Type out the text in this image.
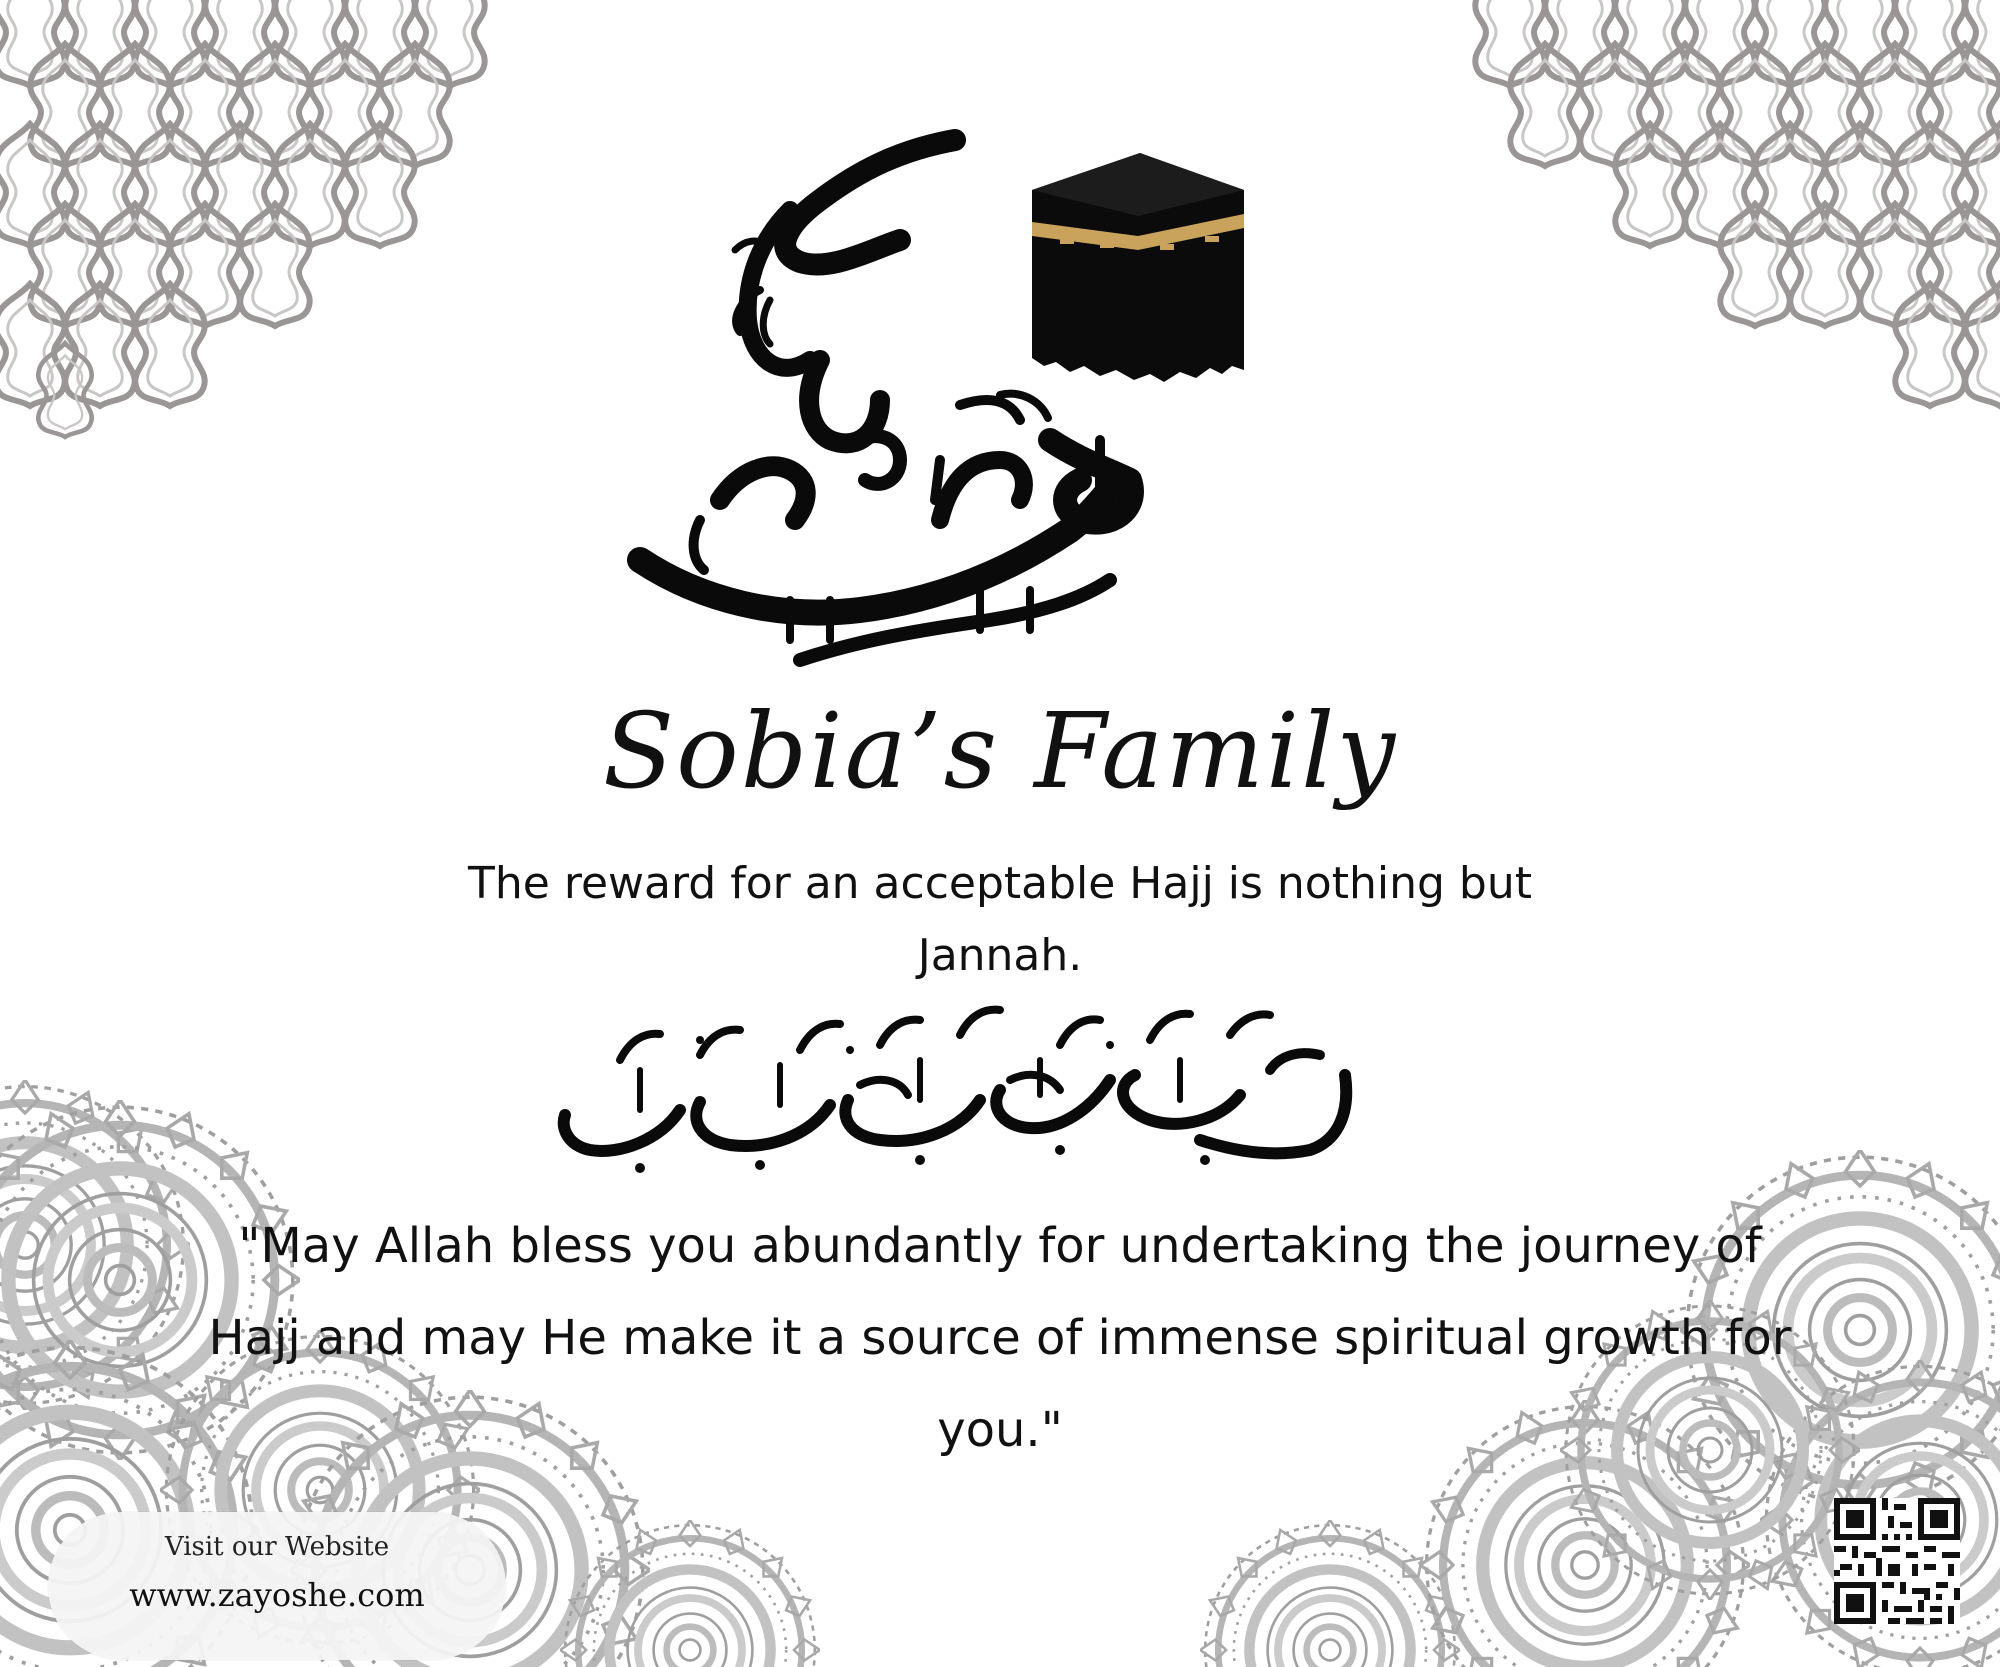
Sobia’s Family
The reward for an acceptable Hajj is nothing but
Jannah.
"May Allah bless you abundantly for undertaking the journey of
Hajj and may He make it a source of immense spiritual growth for
you."
Visit our Website
www.zayoshe.com
